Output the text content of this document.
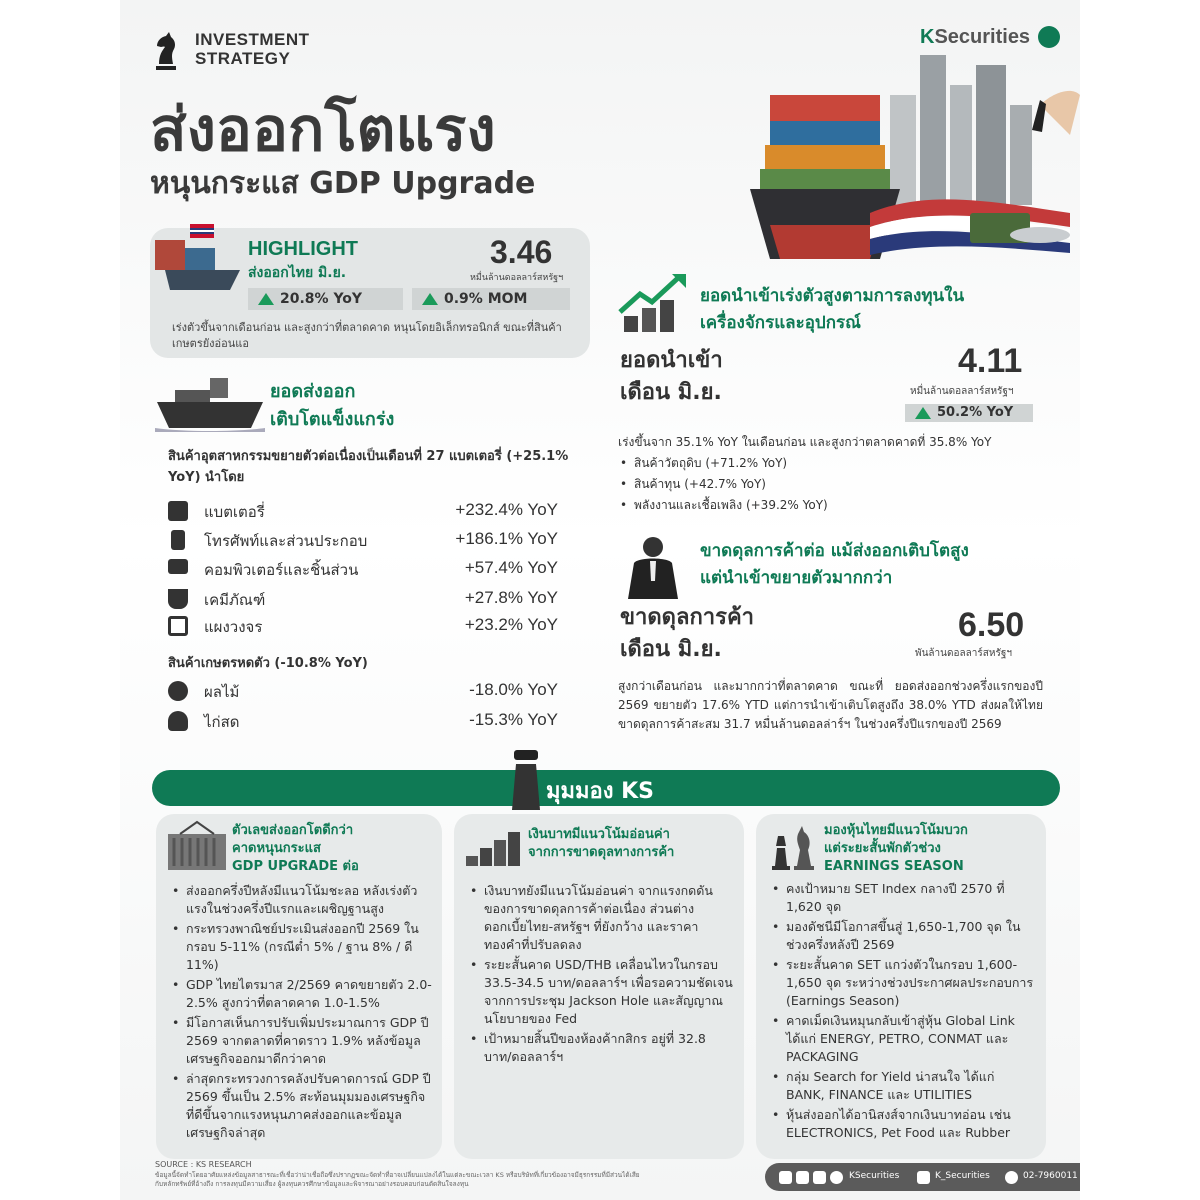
INVESTMENT
STRATEGY
KSecurities
ส่งออกโตแรง
หนุนกระแส GDP Upgrade
HIGHLIGHT
ส่งออกไทย มิ.ย.
3.46
หมื่นล้านดอลลาร์สหรัฐฯ
20.8% YoY	0.9% MOM
เร่งตัวขึ้นจากเดือนก่อน และสูงกว่าที่ตลาดคาด หนุนโดยอิเล็กทรอนิกส์ ขณะที่สินค้าเกษตรยังอ่อนแอ
ยอดส่งออก
เติบโตแข็งแกร่ง
สินค้าอุตสาหกรรมขยายตัวต่อเนื่องเป็นเดือนที่ 27 แบตเตอรี่ (+25.1% YoY) นำโดย
แบตเตอรี่	+232.4% YoY
โทรศัพท์และส่วนประกอบ	+186.1% YoY
คอมพิวเตอร์และชิ้นส่วน	+57.4% YoY
เคมีภัณฑ์	+27.8% YoY
แผงวงจร	+23.2% YoY
สินค้าเกษตรหดตัว (-10.8% YoY)
ผลไม้	-18.0% YoY
ไก่สด	-15.3% YoY
ยอดนำเข้าเร่งตัวสูงตามการลงทุนใน
เครื่องจักรและอุปกรณ์
ยอดนำเข้า
เดือน มิ.ย.
4.11
หมื่นล้านดอลลาร์สหรัฐฯ
50.2% YoY
เร่งขึ้นจาก 35.1% YoY ในเดือนก่อน และสูงกว่าตลาดคาดที่ 35.8% YoY
• สินค้าวัตถุดิบ (+71.2% YoY)
• สินค้าทุน (+42.7% YoY)
• พลังงานและเชื้อเพลิง (+39.2% YoY)
ขาดดุลการค้าต่อ แม้ส่งออกเติบโตสูง
แต่นำเข้าขยายตัวมากกว่า
ขาดดุลการค้า
เดือน มิ.ย.
6.50
พันล้านดอลลาร์สหรัฐฯ
สูงกว่าเดือนก่อน และมากกว่าที่ตลาดคาด ขณะที่ ยอดส่งออกช่วงครึ่งแรกของปี 2569 ขยายตัว 17.6% YTD แต่การนำเข้าเติบโตสูงถึง 38.0% YTD ส่งผลให้ไทยขาดดุลการค้าสะสม 31.7 หมื่นล้านดอลล่าร์ฯ ในช่วงครึ่งปีแรกของปี 2569
มุมมอง KS
ตัวเลขส่งออกโตดีกว่า
คาดหนุนกระแส
GDP UPGRADE ต่อ
• ส่งออกครึ่งปีหลังมีแนวโน้มชะลอ หลังเร่งตัวแรงในช่วงครึ่งปีแรกและเผชิญฐานสูง
• กระทรวงพาณิชย์ประเมินส่งออกปี 2569 ในกรอบ 5-11% (กรณีต่ำ 5% / ฐาน 8% / ดี 11%)
• GDP ไทยไตรมาส 2/2569 คาดขยายตัว 2.0-2.5% สูงกว่าที่ตลาดคาด 1.0-1.5%
• มีโอกาสเห็นการปรับเพิ่มประมาณการ GDP ปี 2569 จากตลาดที่คาดราว 1.9% หลังข้อมูลเศรษฐกิจออกมาดีกว่าคาด
• ล่าสุดกระทรวงการคลังปรับคาดการณ์ GDP ปี 2569 ขึ้นเป็น 2.5% สะท้อนมุมมองเศรษฐกิจที่ดีขึ้นจากแรงหนุนภาคส่งออกและข้อมูลเศรษฐกิจล่าสุด
เงินบาทมีแนวโน้มอ่อนค่า
จากการขาดดุลทางการค้า
• เงินบาทยังมีแนวโน้มอ่อนค่า จากแรงกดดันของการขาดดุลการค้าต่อเนื่อง ส่วนต่างดอกเบี้ยไทย-สหรัฐฯ ที่ยังกว้าง และราคาทองคำที่ปรับลดลง
• ระยะสั้นคาด USD/THB เคลื่อนไหวในกรอบ 33.5-34.5 บาท/ดอลลาร์ฯ เพื่อรอความชัดเจนจากการประชุม Jackson Hole และสัญญาณนโยบายของ Fed
• เป้าหมายสิ้นปีของห้องค้ากสิกร อยู่ที่ 32.8 บาท/ดอลลาร์ฯ
มองหุ้นไทยมีแนวโน้มบวก
แต่ระยะสั้นพักตัวช่วง
EARNINGS SEASON
• คงเป้าหมาย SET Index กลางปี 2570 ที่ 1,620 จุด
• มองดัชนีมีโอกาสขึ้นสู่ 1,650-1,700 จุด ในช่วงครึ่งหลังปี 2569
• ระยะสั้นคาด SET แกว่งตัวในกรอบ 1,600-1,650 จุด ระหว่างช่วงประกาศผลประกอบการ (Earnings Season)
• คาดเม็ดเงินหมุนกลับเข้าสู่หุ้น Global Link ได้แก่ ENERGY, PETRO, CONMAT และ PACKAGING
• กลุ่ม Search for Yield น่าสนใจ ได้แก่ BANK, FINANCE และ UTILITIES
• หุ้นส่งออกได้อานิสงส์จากเงินบาทอ่อน เช่น ELECTRONICS, Pet Food และ Rubber
SOURCE : KS RESEARCH
ข้อมูลนี้จัดทำโดยอาศัยแหล่งข้อมูลสาธารณะที่เชื่อว่าน่าเชื่อถือซึ่งปรากฏขณะจัดทำที่อาจเปลี่ยนแปลงได้ในแต่ละขณะเวลา KS หรือบริษัทที่เกี่ยวข้องอาจมีธุรกรรมที่มีส่วนได้เสียกับหลักทรัพย์ที่อ้างถึง การลงทุนมีความเสี่ยง ผู้ลงทุนควรศึกษาข้อมูลและพิจารณาอย่างรอบคอบก่อนตัดสินใจลงทุน
KSecurities	K_Securities	02-7960011
